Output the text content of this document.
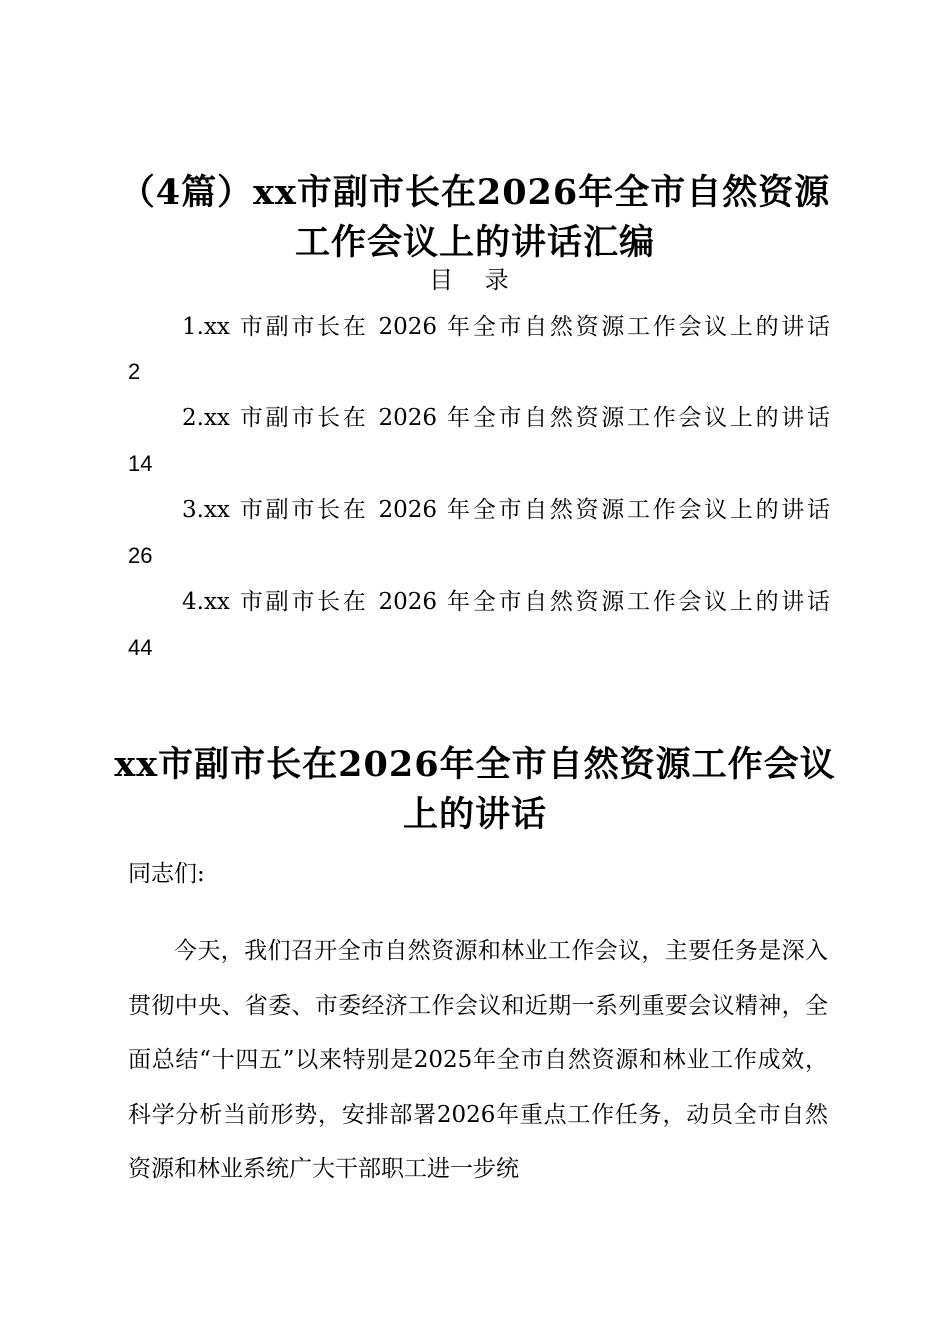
（4篇）xx市副市长在2026年全市自然资源工作会议上的讲话汇编
目 录
1.xx 市副市长在 2026 年全市自然资源工作会议上的讲话
2
2.xx 市副市长在 2026 年全市自然资源工作会议上的讲话
14
3.xx 市副市长在 2026 年全市自然资源工作会议上的讲话
26
4.xx 市副市长在 2026 年全市自然资源工作会议上的讲话
44
xx市副市长在2026年全市自然资源工作会议上的讲话
同志们:
今天，我们召开全市自然资源和林业工作会议，主要任务是深入贯彻中央、省委、市委经济工作会议和近期一系列重要会议精神，全面总结“十四五”以来特别是2025年全市自然资源和林业工作成效，科学分析当前形势，安排部署2026年重点工作任务，动员全市自然资源和林业系统广大干部职工进一步统
